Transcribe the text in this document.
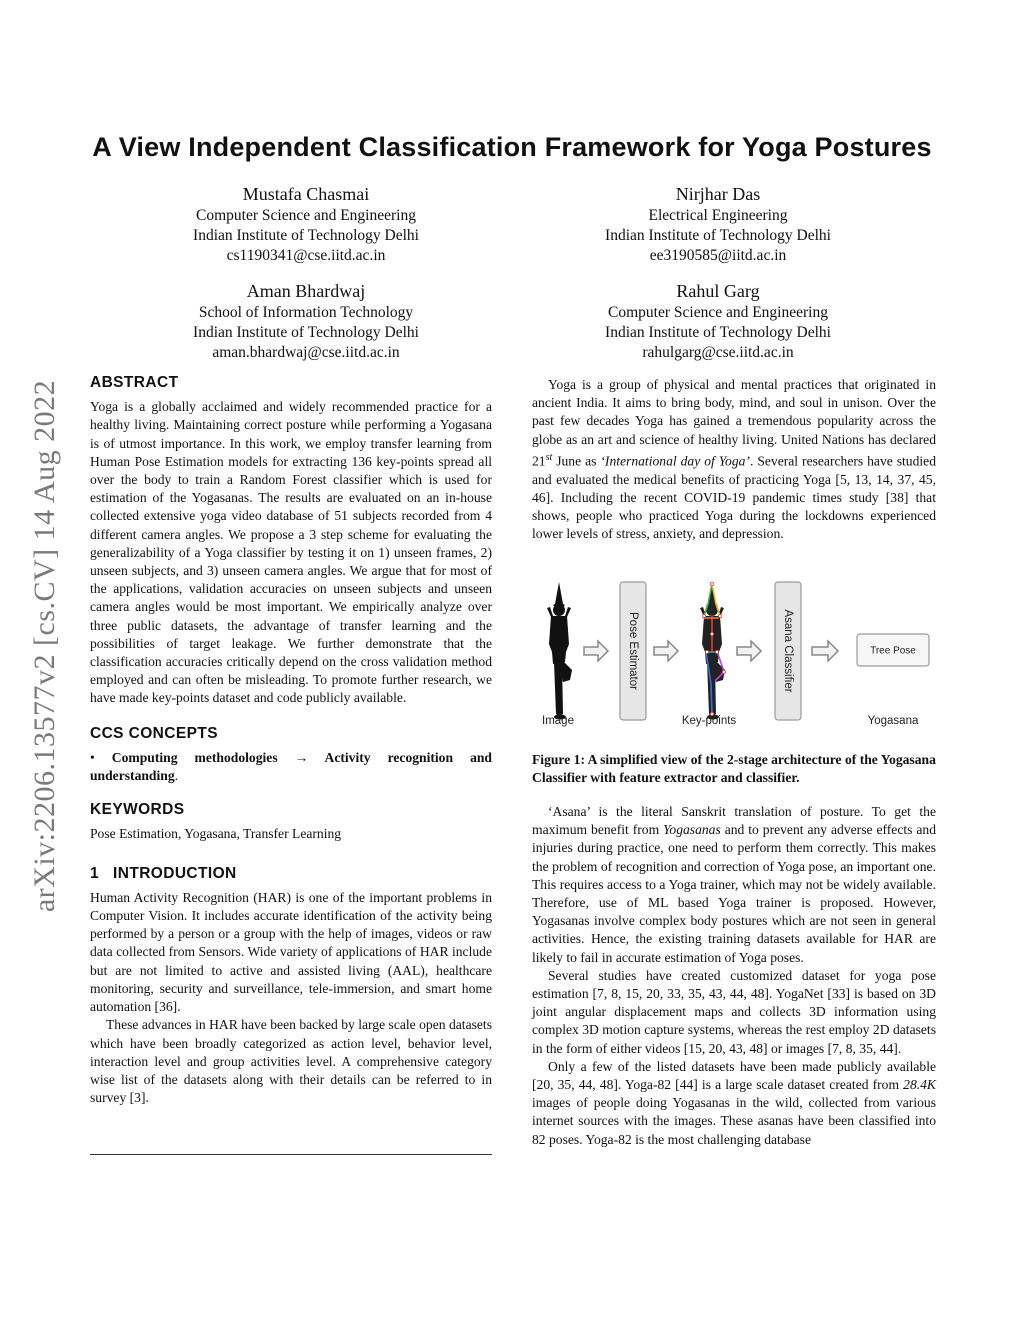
arXiv:2206.13577v2 [cs.CV] 14 Aug 2022
A View Independent Classification Framework for Yoga Postures
Mustafa Chasmai
Computer Science and Engineering
Indian Institute of Technology Delhi
cs1190341@cse.iitd.ac.in
Nirjhar Das
Electrical Engineering
Indian Institute of Technology Delhi
ee3190585@iitd.ac.in
Aman Bhardwaj
School of Information Technology
Indian Institute of Technology Delhi
aman.bhardwaj@cse.iitd.ac.in
Rahul Garg
Computer Science and Engineering
Indian Institute of Technology Delhi
rahulgarg@cse.iitd.ac.in
ABSTRACT

Yoga is a globally acclaimed and widely recommended practice for a healthy living. Maintaining correct posture while performing a Yogasana is of utmost importance. In this work, we employ transfer learning from Human Pose Estimation models for extracting 136 key-points spread all over the body to train a Random Forest classifier which is used for estimation of the Yogasanas. The results are evaluated on an in-house collected extensive yoga video database of 51 subjects recorded from 4 different camera angles. We propose a 3 step scheme for evaluating the generalizability of a Yoga classifier by testing it on 1) unseen frames, 2) unseen subjects, and 3) unseen camera angles. We argue that for most of the applications, validation accuracies on unseen subjects and unseen camera angles would be most important. We empirically analyze over three public datasets, the advantage of transfer learning and the possibilities of target leakage. We further demonstrate that the classification accuracies critically depend on the cross validation method employed and can often be misleading. To promote further research, we have made key-points dataset and code publicly available.

CCS CONCEPTS

• Computing methodologies → Activity recognition and understanding.

KEYWORDS

Pose Estimation, Yogasana, Transfer Learning

1 INTRODUCTION

Human Activity Recognition (HAR) is one of the important problems in Computer Vision. It includes accurate identification of the activity being performed by a person or a group with the help of images, videos or raw data collected from Sensors. Wide variety of applications of HAR include but are not limited to active and assisted living (AAL), healthcare monitoring, security and surveillance, tele-immersion, and smart home automation [36].

These advances in HAR have been backed by large scale open datasets which have been broadly categorized as action level, behavior level, interaction level and group activities level. A comprehensive category wise list of the datasets along with their details can be referred to in survey [3].

Yoga is a group of physical and mental practices that originated in ancient India. It aims to bring body, mind, and soul in unison. Over the past few decades Yoga has gained a tremendous popularity across the globe as an art and science of healthy living. United Nations has declared 21st June as ‘International day of Yoga’. Several researchers have studied and evaluated the medical benefits of practicing Yoga [5, 13, 14, 37, 45, 46]. Including the recent COVID-19 pandemic times study [38] that shows, people who practiced Yoga during the lockdowns experienced lower levels of stress, anxiety, and depression.

Pose Estimator	Asana Classifier	Tree Pose
Image	Key-points	Yogasana
Figure 1: A simplified view of the 2-stage architecture of the Yogasana Classifier with feature extractor and classifier.

‘Asana’ is the literal Sanskrit translation of posture. To get the maximum benefit from Yogasanas and to prevent any adverse effects and injuries during practice, one need to perform them correctly. This makes the problem of recognition and correction of Yoga pose, an important one. This requires access to a Yoga trainer, which may not be widely available. Therefore, use of ML based Yoga trainer is proposed. However, Yogasanas involve complex body postures which are not seen in general activities. Hence, the existing training datasets available for HAR are likely to fail in accurate estimation of Yoga poses.

Several studies have created customized dataset for yoga pose estimation [7, 8, 15, 20, 33, 35, 43, 44, 48]. YogaNet [33] is based on 3D joint angular displacement maps and collects 3D information using complex 3D motion capture systems, whereas the rest employ 2D datasets in the form of either videos [15, 20, 43, 48] or images [7, 8, 35, 44].

Only a few of the listed datasets have been made publicly available [20, 35, 44, 48]. Yoga-82 [44] is a large scale dataset created from 28.4K images of people doing Yogasanas in the wild, collected from various internet sources with the images. These asanas have been classified into 82 poses. Yoga-82 is the most challenging database
